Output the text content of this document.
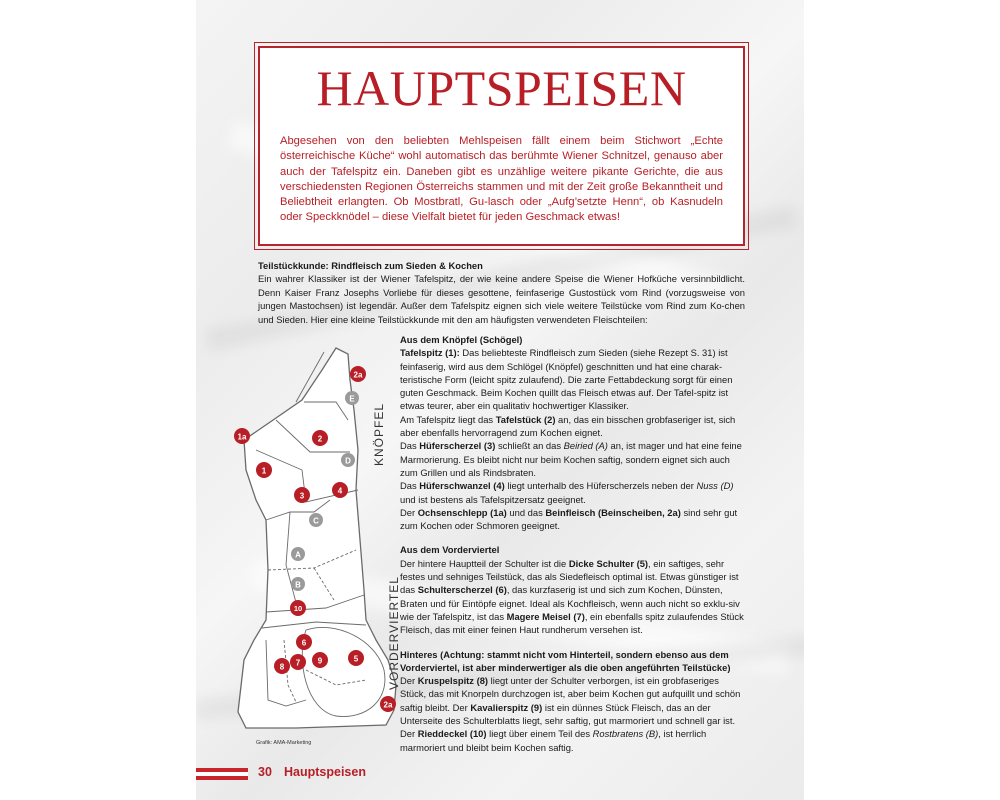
HAUPTSPEISEN

Abgesehen von den beliebten Mehlspeisen fällt einem beim Stichwort „Echte österreichische Küche“ wohl automatisch das berühmte Wiener Schnitzel, genauso aber auch der Tafelspitz ein. Daneben gibt es unzählige weitere pikante Gerichte, die aus verschiedensten Regionen Österreichs stammen und mit der Zeit große Bekanntheit und Beliebtheit erlangten. Ob Mostbratl, Gu-lasch oder „Aufg’setzte Henn“, ob Kasnudeln oder Speckknödel – diese Vielfalt bietet für jeden Geschmack etwas!

Teilstückkunde: Rindfleisch zum Sieden & Kochen

Ein wahrer Klassiker ist der Wiener Tafelspitz, der wie keine andere Speise die Wiener Hofküche versinnbildlicht. Denn Kaiser Franz Josephs Vorliebe für dieses gesottene, feinfaserige Gustostück vom Rind (vorzugsweise von jungen Mastochsen) ist legendär. Außer dem Tafelspitz eignen sich viele weitere Teilstücke vom Rind zum Ko-chen und Sieden. Hier eine kleine Teilstückkunde mit den am häufigsten verwendeten Fleischteilen:

2a
E
1a	2
D
1
3
4
C
A
B
10
6
7
8
9	5
2a
KNÖPFEL
VORDERVIERTEL
Grafik: AMA-Marketing

Aus dem Knöpfel (Schögel)

Tafelspitz (1): Das beliebteste Rindfleisch zum Sieden (siehe Rezept S. 31) ist feinfaserig, wird aus dem Schlögel (Knöpfel) geschnitten und hat eine charak-teristische Form (leicht spitz zulaufend). Die zarte Fettabdeckung sorgt für einen guten Geschmack. Beim Kochen quillt das Fleisch etwas auf. Der Tafel-spitz ist etwas teurer, aber ein qualitativ hochwertiger Klassiker.

Am Tafelspitz liegt das Tafelstück (2) an, das ein bisschen grobfaseriger ist, sich aber ebenfalls hervorragend zum Kochen eignet.

Das Hüferscherzel (3) schließt an das Beiried (A) an, ist mager und hat eine feine Marmorierung. Es bleibt nicht nur beim Kochen saftig, sondern eignet sich auch zum Grillen und als Rindsbraten.

Das Hüferschwanzel (4) liegt unterhalb des Hüferscherzels neben der Nuss (D) und ist bestens als Tafelspitzersatz geeignet.

Der Ochsenschlepp (1a) und das Beinfleisch (Beinscheiben, 2a) sind sehr gut zum Kochen oder Schmoren geeignet.

Aus dem Vorderviertel

Der hintere Hauptteil der Schulter ist die Dicke Schulter (5), ein saftiges, sehr festes und sehniges Teilstück, das als Siedefleisch optimal ist. Etwas günstiger ist das Schulterscherzel (6), das kurzfaserig ist und sich zum Kochen, Dünsten, Braten und für Eintöpfe eignet. Ideal als Kochfleisch, wenn auch nicht so exklu-siv wie der Tafelspitz, ist das Magere Meisel (7), ein ebenfalls spitz zulaufendes Stück Fleisch, das mit einer feinen Haut rundherum versehen ist.

Hinteres (Achtung: stammt nicht vom Hinterteil, sondern ebenso aus dem Vorderviertel, ist aber minderwertiger als die oben angeführten Teilstücke)

Der Kruspelspitz (8) liegt unter der Schulter verborgen, ist ein grobfaseriges Stück, das mit Knorpeln durchzogen ist, aber beim Kochen gut aufquillt und schön saftig bleibt. Der Kavalierspitz (9) ist ein dünnes Stück Fleisch, das an der Unterseite des Schulterblatts liegt, sehr saftig, gut marmoriert und schnell gar ist. Der Rieddeckel (10) liegt über einem Teil des Rostbratens (B), ist herrlich marmoriert und bleibt beim Kochen saftig.

30 Hauptspeisen
